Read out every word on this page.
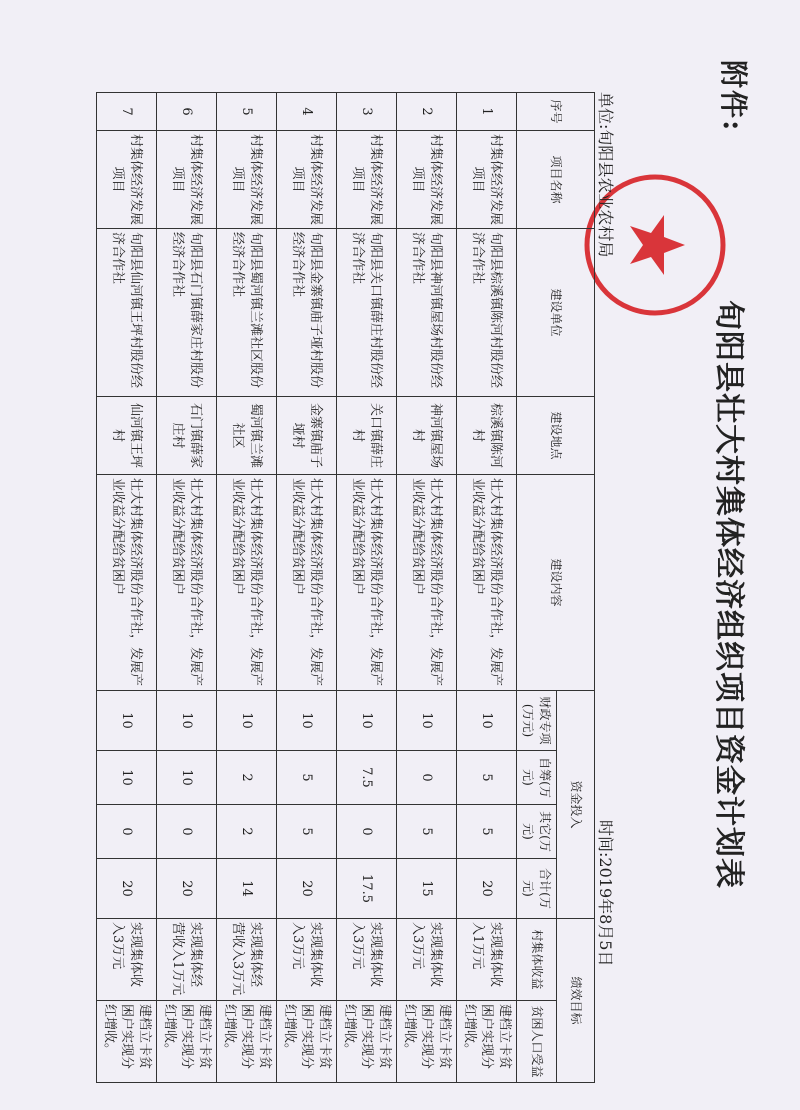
附件:
旬阳县壮大村集体经济组织项目资金计划表
单位:旬阳县农业农村局
时间:2019年8月5日
序号	项目名称	建设单位	建设地点	建设内容	资金投入				绩效目标	
					财政专项(万元)	自筹(万元)	其它(万元)	合计(万元)	村集体收益	贫困人口受益
1	村集体经济发展项目	旬阳县棕溪镇陈河村股份经济合作社	棕溪镇陈河村	壮大村集体经济股份合作社，发展产业收益分配给贫困户	10	5	5	20	实现集体收入1万元	建档立卡贫困户实现分红增收。
2	村集体经济发展项目	旬阳县神河镇屋场村股份经济合作社	神河镇屋场村	壮大村集体经济股份合作社，发展产业收益分配给贫困户	10	0	5	15	实现集体收入3万元	建档立卡贫困户实现分红增收。
3	村集体经济发展项目	旬阳县关口镇薛庄村股份经济合作社	关口镇薛庄村	壮大村集体经济股份合作社，发展产业收益分配给贫困户	10	7.5	0	17.5	实现集体收入3万元	建档立卡贫困户实现分红增收。
4	村集体经济发展项目	旬阳县金寨镇庙子垭村股份经济合作社	金寨镇庙子垭村	壮大村集体经济股份合作社，发展产业收益分配给贫困户	10	5	5	20	实现集体收入3万元	建档立卡贫困户实现分红增收。
5	村集体经济发展项目	旬阳县蜀河镇兰滩社区股份经济合作社	蜀河镇兰滩社区	壮大村集体经济股份合作社，发展产业收益分配给贫困户	10	2	2	14	实现集体经营收入3万元	建档立卡贫困户实现分红增收。
6	村集体经济发展项目	旬阳县石门镇薛家庄村股份经济合作社	石门镇薛家庄村	壮大村集体经济股份合作社，发展产业收益分配给贫困户	10	10	0	20	实现集体经营收入1万元	建档立卡贫困户实现分红增收。
7	村集体经济发展项目	旬阳县仙河镇王坪村股份经济合作社	仙河镇王坪村	壮大村集体经济股份合作社，发展产业收益分配给贫困户	10	10	0	20	实现集体收入3万元	建档立卡贫困户实现分红增收。
